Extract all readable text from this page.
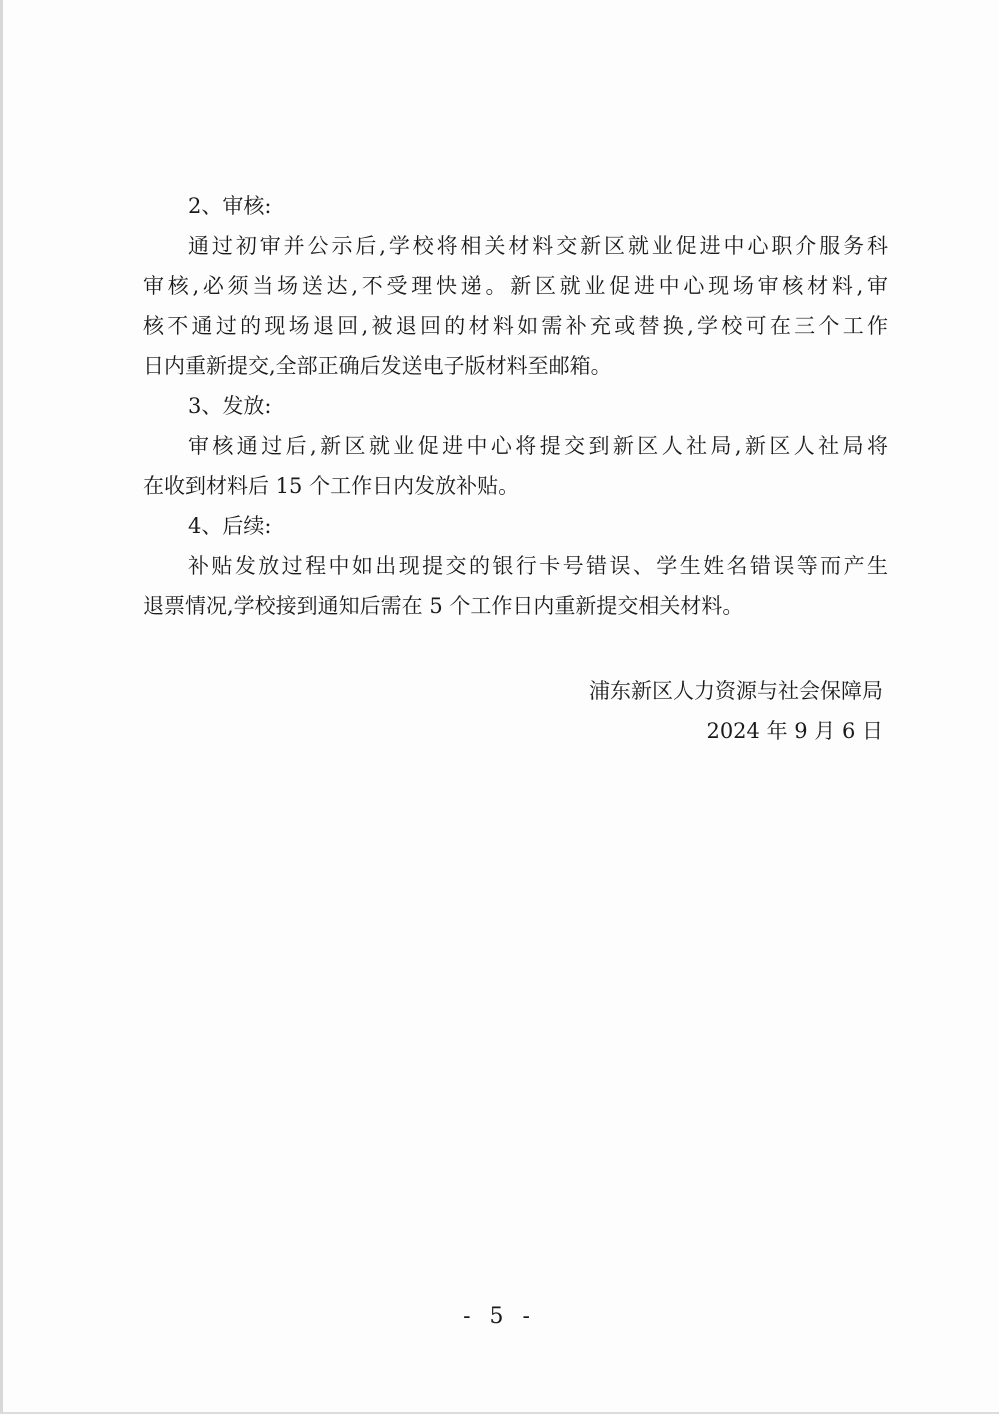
2、审核:
通过初审并公示后,学校将相关材料交新区就业促进中心职介服务科
审核,必须当场送达,不受理快递。新区就业促进中心现场审核材料,审
核不通过的现场退回,被退回的材料如需补充或替换,学校可在三个工作
日内重新提交,全部正确后发送电子版材料至邮箱。
3、发放:
审核通过后,新区就业促进中心将提交到新区人社局,新区人社局将
在收到材料后 15 个工作日内发放补贴。
4、后续:
补贴发放过程中如出现提交的银行卡号错误、学生姓名错误等而产生
退票情况,学校接到通知后需在 5 个工作日内重新提交相关材料。
浦东新区人力资源与社会保障局
2024 年 9 月 6 日
- 5 -
